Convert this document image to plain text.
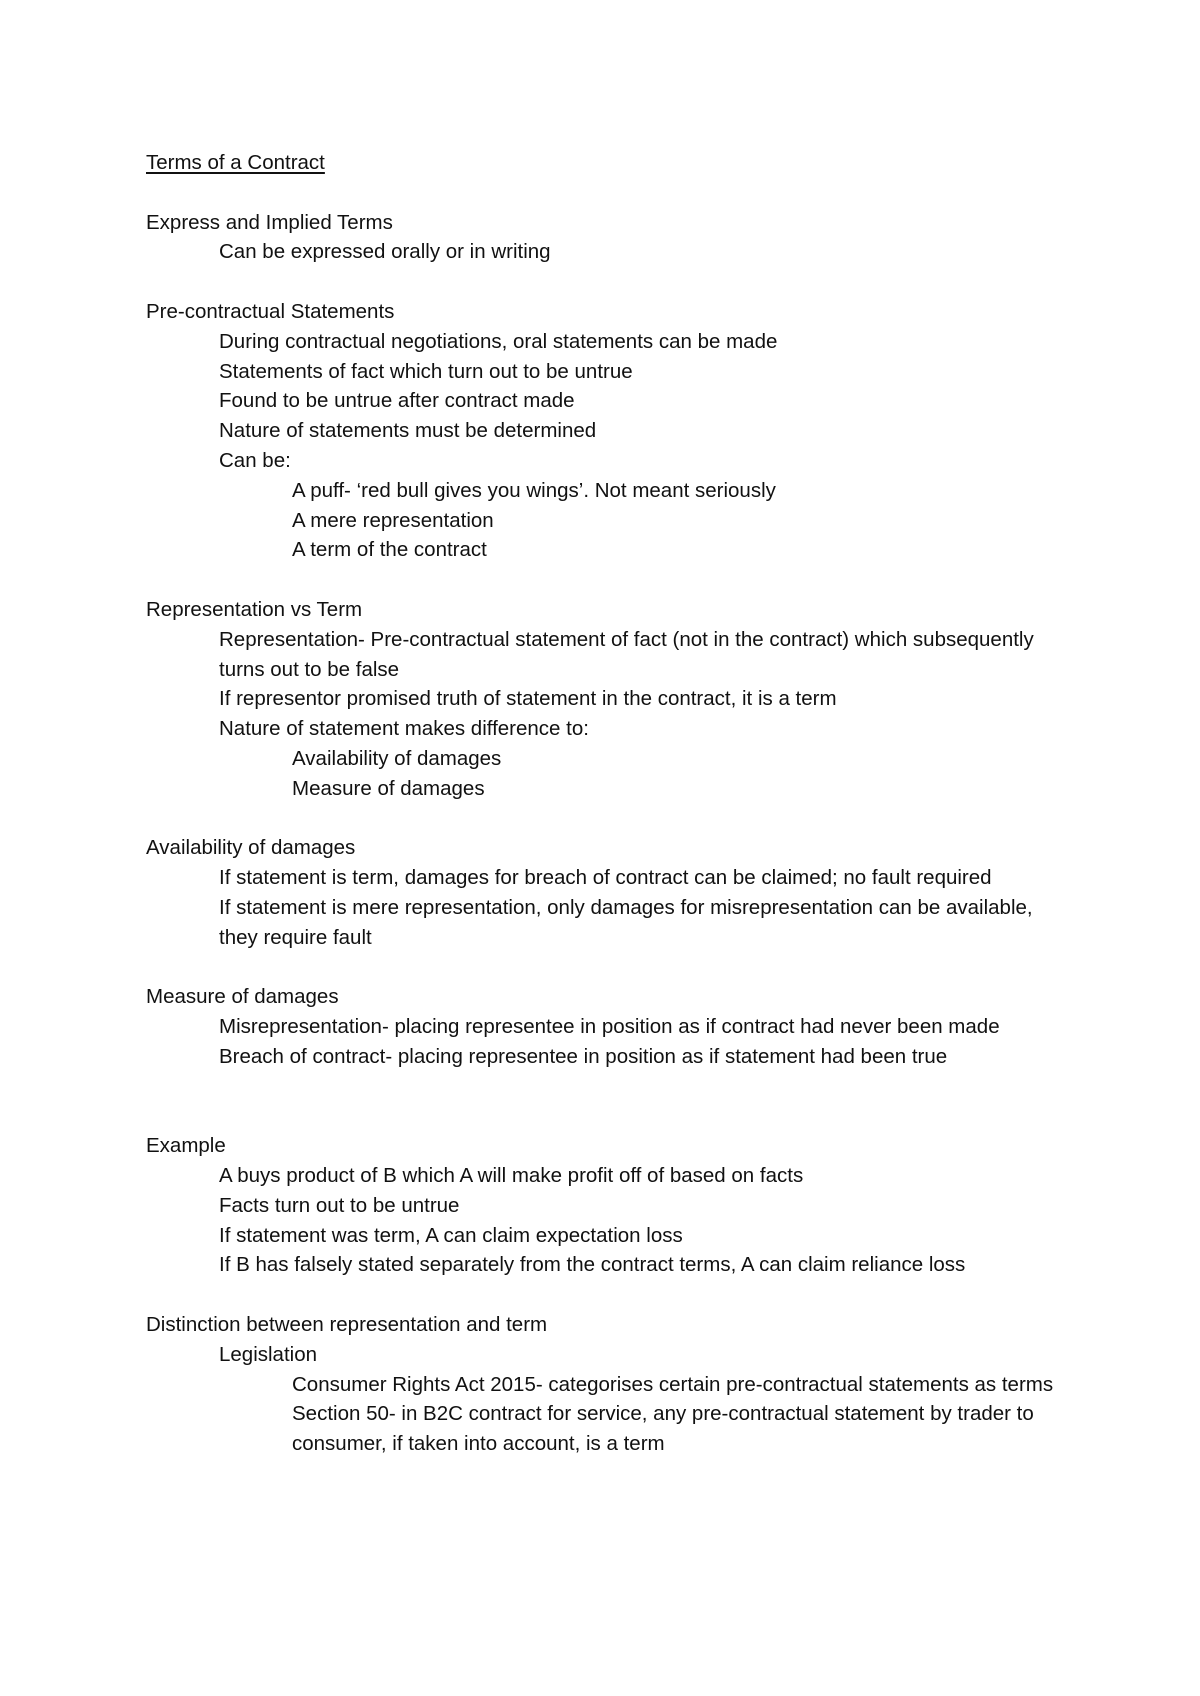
Terms of a Contract
Express and Implied Terms
Can be expressed orally or in writing
Pre-contractual Statements
During contractual negotiations, oral statements can be made
Statements of fact which turn out to be untrue
Found to be untrue after contract made
Nature of statements must be determined
Can be:
A puff- ‘red bull gives you wings’. Not meant seriously
A mere representation
A term of the contract
Representation vs Term
Representation- Pre-contractual statement of fact (not in the contract) which subsequently turns out to be false
If representor promised truth of statement in the contract, it is a term
Nature of statement makes difference to:
Availability of damages
Measure of damages
Availability of damages
If statement is term, damages for breach of contract can be claimed; no fault required
If statement is mere representation, only damages for misrepresentation can be available, they require fault
Measure of damages
Misrepresentation- placing representee in position as if contract had never been made
Breach of contract- placing representee in position as if statement had been true
Example
A buys product of B which A will make profit off of based on facts
Facts turn out to be untrue
If statement was term, A can claim expectation loss
If B has falsely stated separately from the contract terms, A can claim reliance loss
Distinction between representation and term
Legislation
Consumer Rights Act 2015- categorises certain pre-contractual statements as terms
Section 50- in B2C contract for service, any pre-contractual statement by trader to consumer, if taken into account, is a term
